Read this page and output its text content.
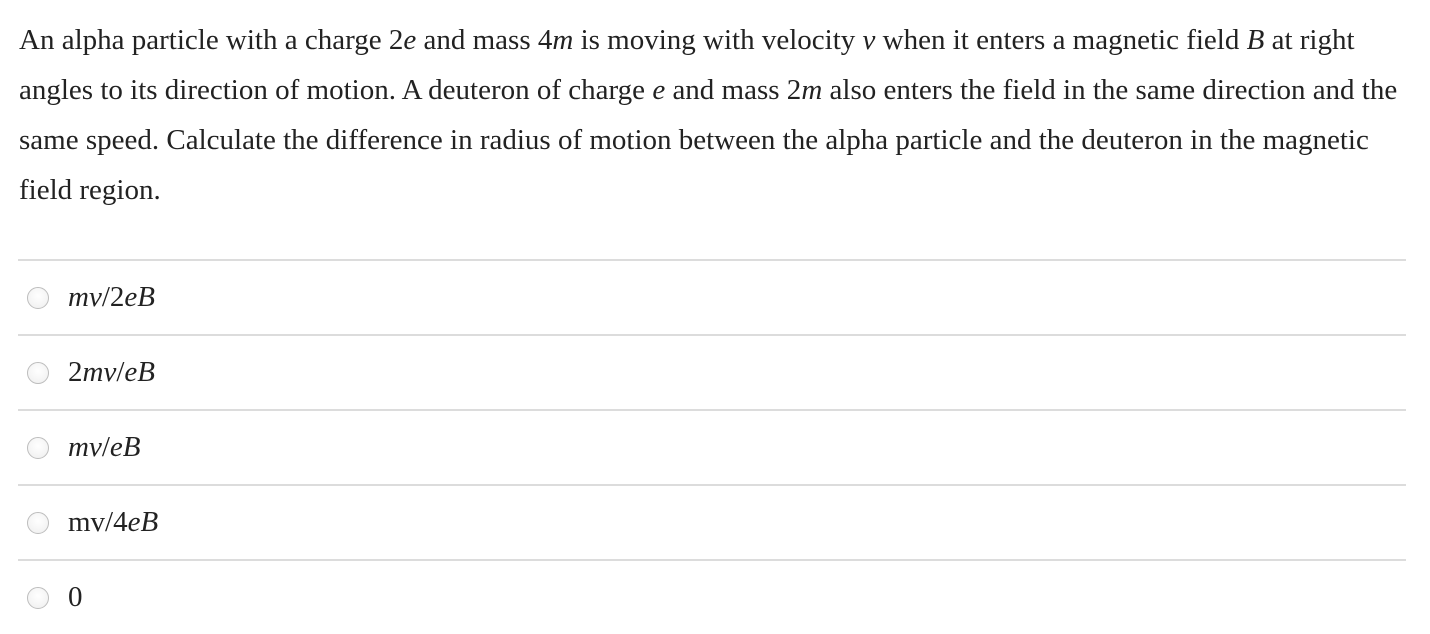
An alpha particle with a charge 2e and mass 4m is moving with velocity v when it enters a magnetic field B at right angles to its direction of motion. A deuteron of charge e and mass 2m also enters the field in the same direction and the same speed. Calculate the difference in radius of motion between the alpha particle and the deuteron in the magnetic field region.

mv/2eB
2mv/eB
mv/eB
mv/4eB
0
